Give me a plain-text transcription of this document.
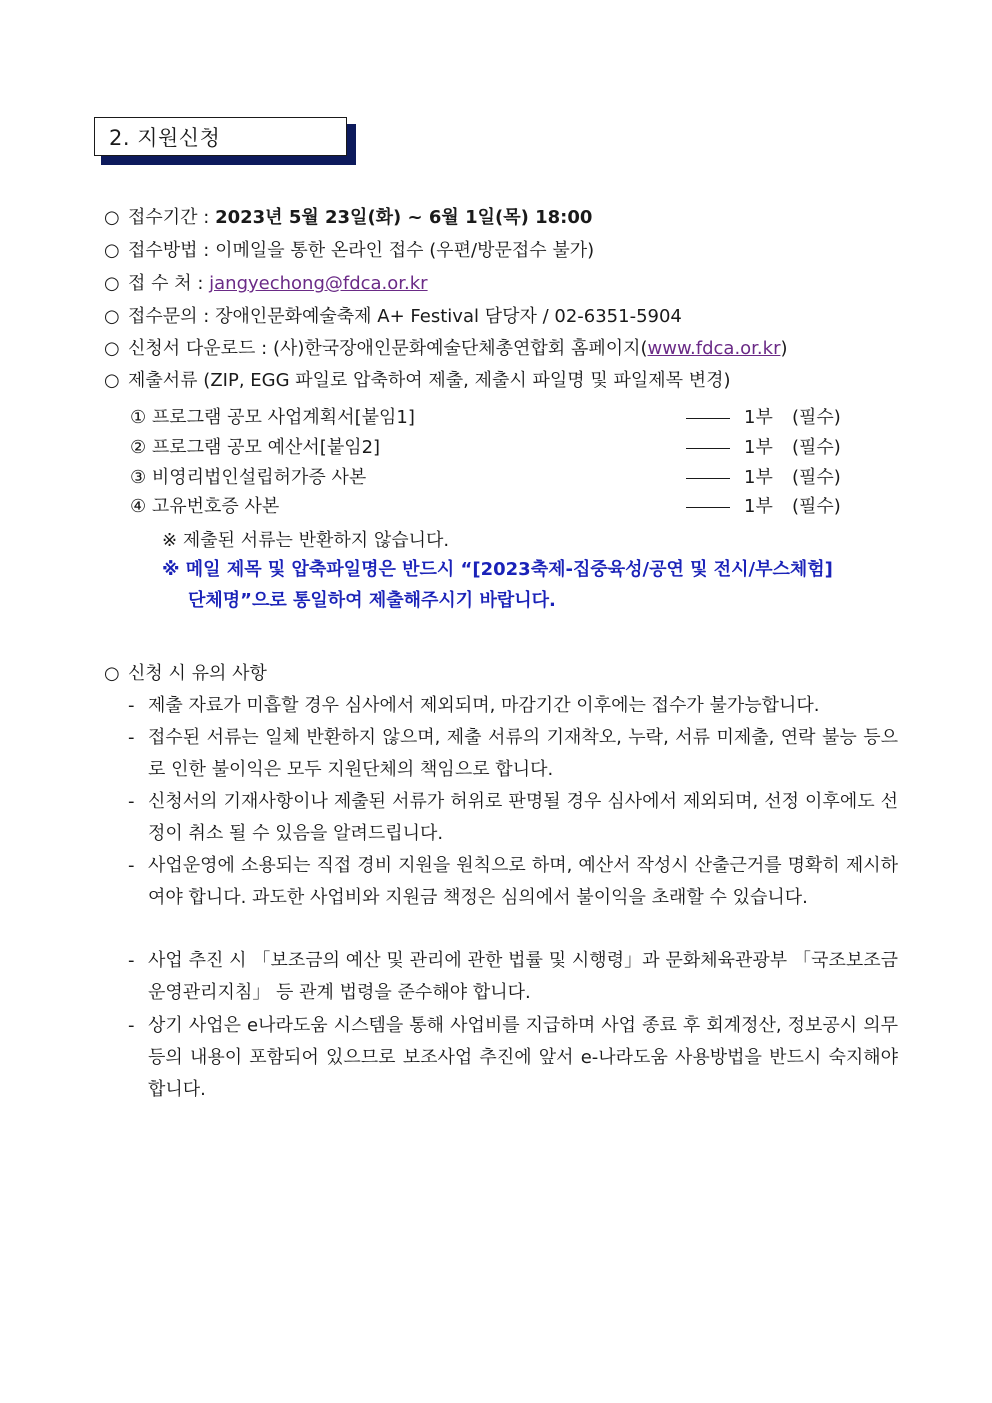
2. 지원신청
○ 접수기간 : 2023년 5월 23일(화) ~ 6월 1일(목) 18:00
○ 접수방법 : 이메일을 통한 온라인 접수 (우편/방문접수 불가)
○ 접 수 처 : jangyechong@fdca.or.kr
○ 접수문의 : 장애인문화예술축제 A+ Festival 담당자 / 02-6351-5904
○ 신청서 다운로드 : (사)한국장애인문화예술단체총연합회 홈페이지(www.fdca.or.kr)
○ 제출서류 (ZIP, EGG 파일로 압축하여 제출, 제출시 파일명 및 파일제목 변경)
① 프로그램 공모 사업계획서[붙임1]	1부 (필수)
② 프로그램 공모 예산서[붙임2]	1부 (필수)
③ 비영리법인설립허가증 사본	1부 (필수)
④ 고유번호증 사본	1부 (필수)
※ 제출된 서류는 반환하지 않습니다.
※ 메일 제목 및 압축파일명은 반드시 “[2023축제-집중육성/공연 및 전시/부스체험]
단체명”으로 통일하여 제출해주시기 바랍니다.
○ 신청 시 유의 사항
- 제출 자료가 미흡할 경우 심사에서 제외되며, 마감기간 이후에는 접수가 불가능합니다.
- 접수된 서류는 일체 반환하지 않으며, 제출 서류의 기재착오, 누락, 서류 미제출, 연락 불능 등으로 인한 불이익은 모두 지원단체의 책임으로 합니다.
- 신청서의 기재사항이나 제출된 서류가 허위로 판명될 경우 심사에서 제외되며, 선정 이후에도 선정이 취소 될 수 있음을 알려드립니다.
- 사업운영에 소용되는 직접 경비 지원을 원칙으로 하며, 예산서 작성시 산출근거를 명확히 제시하여야 합니다. 과도한 사업비와 지원금 책정은 심의에서 불이익을 초래할 수 있습니다.
- 사업 추진 시 「보조금의 예산 및 관리에 관한 법률 및 시행령」과 문화체육관광부 「국조보조금 운영관리지침」 등 관계 법령을 준수해야 합니다.
- 상기 사업은 e나라도움 시스템을 통해 사업비를 지급하며 사업 종료 후 회계정산, 정보공시 의무 등의 내용이 포함되어 있으므로 보조사업 추진에 앞서 e-나라도움 사용방법을 반드시 숙지해야 합니다.
